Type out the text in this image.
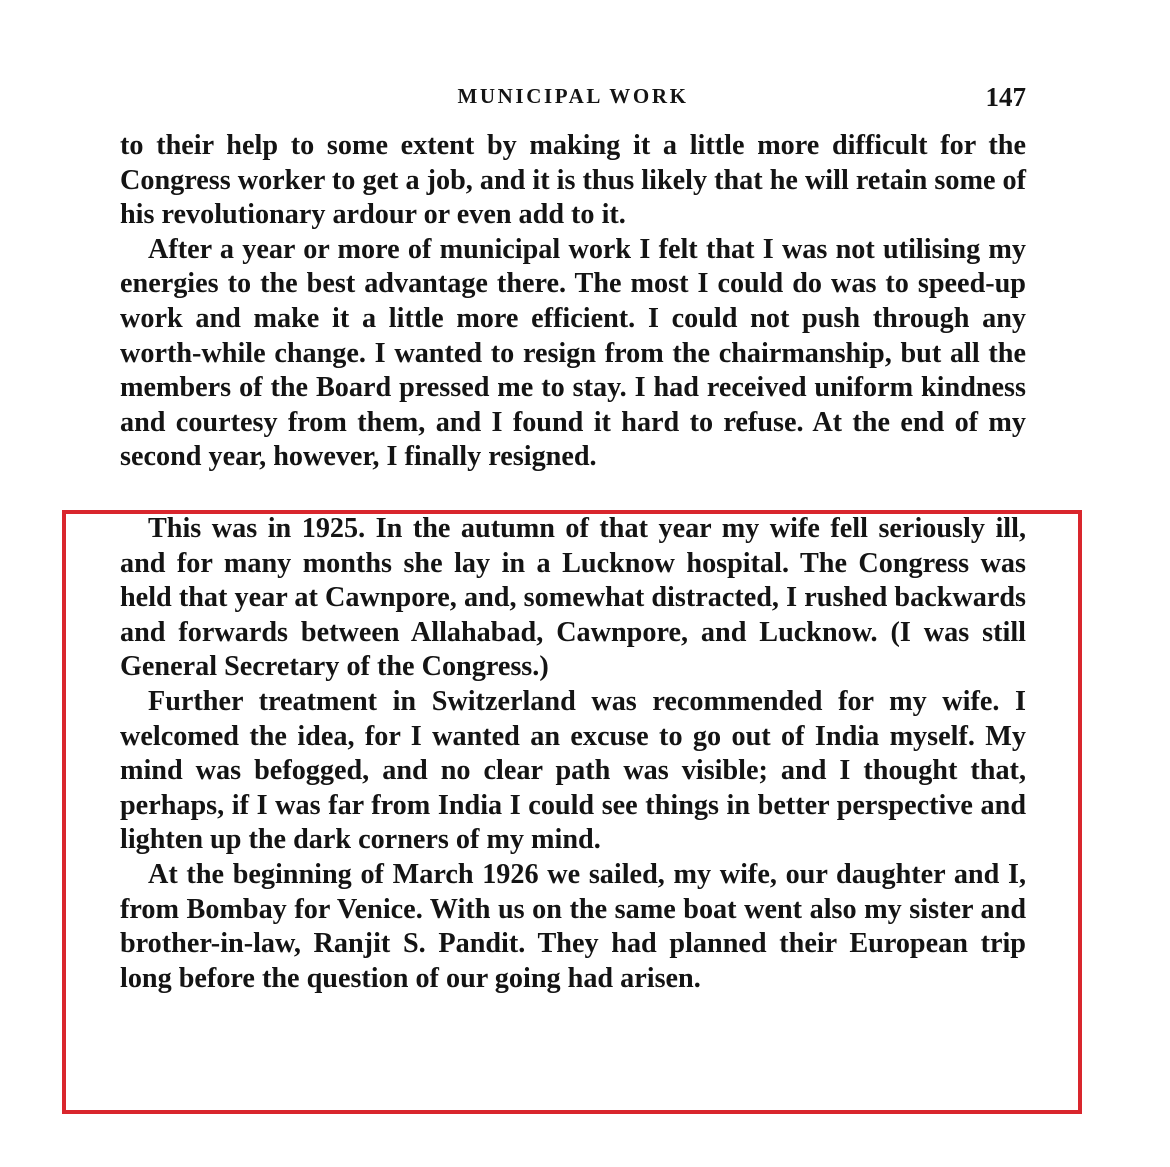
MUNICIPAL WORK	147

to their help to some extent by making it a little more difficult for the Congress worker to get a job, and it is thus likely that he will retain some of his revolutionary ardour or even add to it.

After a year or more of municipal work I felt that I was not utilising my energies to the best advantage there. The most I could do was to speed-up work and make it a little more efficient. I could not push through any worth-while change. I wanted to resign from the chairmanship, but all the members of the Board pressed me to stay. I had received uniform kindness and courtesy from them, and I found it hard to refuse. At the end of my second year, however, I finally resigned.

This was in 1925. In the autumn of that year my wife fell seriously ill, and for many months she lay in a Lucknow hospital. The Congress was held that year at Cawnpore, and, somewhat distracted, I rushed backwards and forwards between Allahabad, Cawnpore, and Lucknow. (I was still General Secretary of the Congress.)

Further treatment in Switzerland was recommended for my wife. I welcomed the idea, for I wanted an excuse to go out of India myself. My mind was befogged, and no clear path was visible; and I thought that, perhaps, if I was far from India I could see things in better perspective and lighten up the dark corners of my mind.

At the beginning of March 1926 we sailed, my wife, our daughter and I, from Bombay for Venice. With us on the same boat went also my sister and brother-in-law, Ranjit S. Pandit. They had planned their European trip long before the question of our going had arisen.
